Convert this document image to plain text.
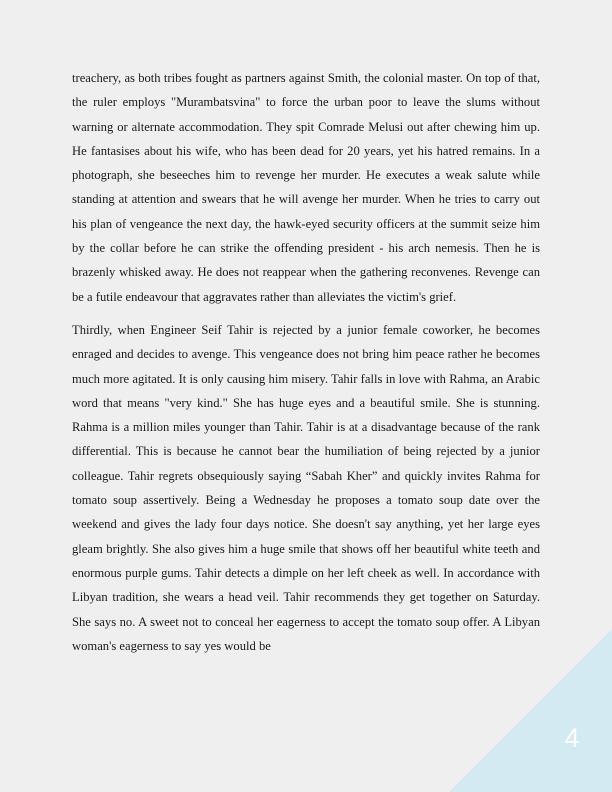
treachery, as both tribes fought as partners against Smith, the colonial master. On top of that, the ruler employs "Murambatsvina" to force the urban poor to leave the slums without warning or alternate accommodation. They spit Comrade Melusi out after chewing him up. He fantasises about his wife, who has been dead for 20 years, yet his hatred remains. In a photograph, she beseeches him to revenge her murder. He executes a weak salute while standing at attention and swears that he will avenge her murder. When he tries to carry out his plan of vengeance the next day, the hawk-eyed security officers at the summit seize him by the collar before he can strike the offending president - his arch nemesis. Then he is brazenly whisked away. He does not reappear when the gathering reconvenes. Revenge can be a futile endeavour that aggravates rather than alleviates the victim's grief.

Thirdly, when Engineer Seif Tahir is rejected by a junior female coworker, he becomes enraged and decides to avenge. This vengeance does not bring him peace rather he becomes much more agitated. It is only causing him misery. Tahir falls in love with Rahma, an Arabic word that means "very kind." She has huge eyes and a beautiful smile. She is stunning. Rahma is a million miles younger than Tahir. Tahir is at a disadvantage because of the rank differential. This is because he cannot bear the humiliation of being rejected by a junior colleague. Tahir regrets obsequiously saying “Sabah Kher” and quickly invites Rahma for tomato soup assertively. Being a Wednesday he proposes a tomato soup date over the weekend and gives the lady four days notice. She doesn't say anything, yet her large eyes gleam brightly. She also gives him a huge smile that shows off her beautiful white teeth and enormous purple gums. Tahir detects a dimple on her left cheek as well. In accordance with Libyan tradition, she wears a head veil. Tahir recommends they get together on Saturday. She says no. A sweet not to conceal her eagerness to accept the tomato soup offer. A Libyan woman's eagerness to say yes would be

4
